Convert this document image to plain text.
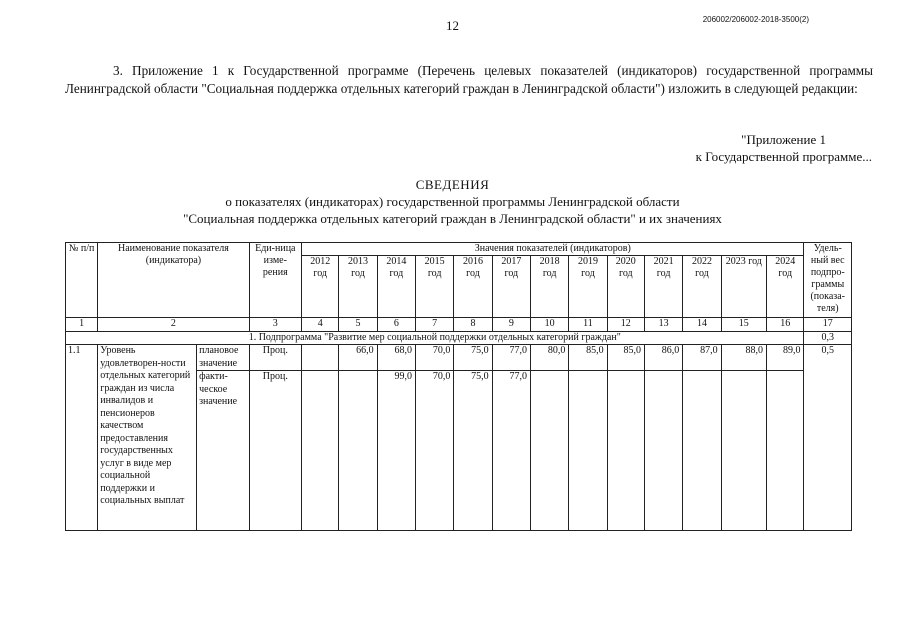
12	206002/206002-2018-3500(2)
3. Приложение 1 к Государственной программе (Перечень целевых показателей (индикаторов) государственной программы Ленинградской области "Социальная поддержка отдельных категорий граждан в Ленинградской области") изложить в следующей редакции:
"Приложение 1
к Государственной программе...
СВЕДЕНИЯ
о показателях (индикаторах) государственной программы Ленинградской области
"Социальная поддержка отдельных категорий граждан в Ленинградской области" и их значениях
№ п/п	Наименование показателя (индикатора)		Еди-ница изме-рения	Значения показателей (индикаторов)													Удель-ный вес подпро-граммы (показа-теля)
				2012 год	2013 год	2014 год	2015 год	2016 год	2017 год	2018 год	2019 год	2020 год	2021 год	2022 год	2023 год	2024 год	
1	2		3	4	5	6	7	8	9	10	11	12	13	14	15	16	17
1. Подпрограмма "Развитие мер социальной поддержки отдельных категорий граждан"																	0,3
1.1	Уровень удовлетворен-ности отдельных категорий граждан из числа инвалидов и пенсионеров качеством предоставления государственных услуг в виде мер социальной поддержки и социальных выплат	плановое значение	Проц.		66,0	68,0	70,0	75,0	77,0	80,0	85,0	85,0	86,0	87,0	88,0	89,0	0,5
		факти-ческое значение	Проц.			99,0	70,0	75,0	77,0								
